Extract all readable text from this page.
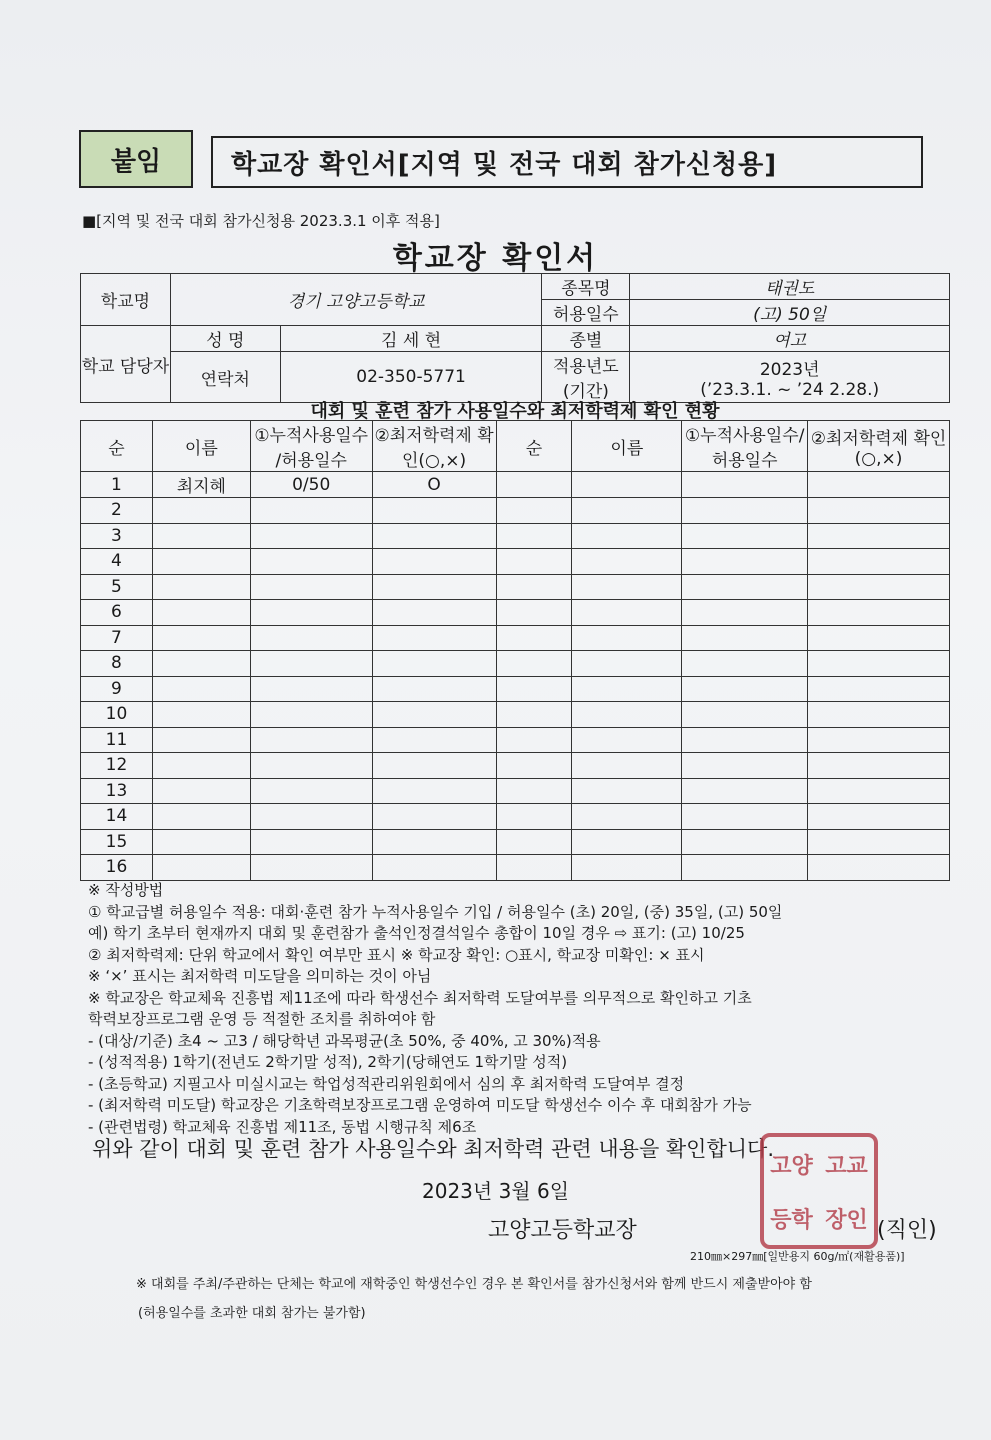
붙임	학교장 확인서[지역 및 전국 대회 참가신청용]
■[지역 및 전국 대회 참가신청용 2023.3.1 이후 적용]
학교장 확인서
학교명	경기 고양고등학교		종목명	태권도
			허용일수	(고) 50일
학교 담당자	성 명	김 세 현	종별	여고
	연락처	02-350-5771	적용년도 (기간)	2023년
(’23.3.1. ~ ’24 2.28.)
대회 및 훈련 참가 사용일수와 최저학력제 확인 현황
순	이름	①누적사용일수 /허용일수	②최저학력제 확인(○,×)	순	이름	①누적사용일수/ 허용일수	②최저학력제 확인(○,×)
1	최지혜	0/50	O				
2							
3							
4							
5							
6							
7							
8							
9							
10							
11							
12							
13							
14							
15							
16							
※ 작성방법
① 학교급별 허용일수 적용: 대회·훈련 참가 누적사용일수 기입 / 허용일수 (초) 20일, (중) 35일, (고) 50일
예) 학기 초부터 현재까지 대회 및 훈련참가 출석인정결석일수 총합이 10일 경우 ⇨ 표기: (고) 10/25
② 최저학력제: 단위 학교에서 확인 여부만 표시 ※ 학교장 확인: ○표시, 학교장 미확인: × 표시
※ ‘×’ 표시는 최저학력 미도달을 의미하는 것이 아님
※ 학교장은 학교체육 진흥법 제11조에 따라 학생선수 최저학력 도달여부를 의무적으로 확인하고 기초
학력보장프로그램 운영 등 적절한 조치를 취하여야 함
- (대상/기준) 초4 ~ 고3 / 해당학년 과목평균(초 50%, 중 40%, 고 30%)적용
- (성적적용) 1학기(전년도 2학기말 성적), 2학기(당해연도 1학기말 성적)
- (초등학교) 지필고사 미실시교는 학업성적관리위원회에서 심의 후 최저학력 도달여부 결정
- (최저학력 미도달) 학교장은 기초학력보장프로그램 운영하여 미도달 학생선수 이수 후 대회참가 가능
- (관련법령) 학교체육 진흥법 제11조, 동법 시행규칙 제6조
위와 같이 대회 및 훈련 참가 사용일수와 최저학력 관련 내용을 확인합니다.
고양 고교
등학 장인
2023년 3월 6일
고양고등학교장	(직인)
210㎜×297㎜[일반용지 60g/㎡(재활용품)]
※ 대회를 주최/주관하는 단체는 학교에 재학중인 학생선수인 경우 본 확인서를 참가신청서와 함께 반드시 제출받아야 함
(허용일수를 초과한 대회 참가는 불가함)
